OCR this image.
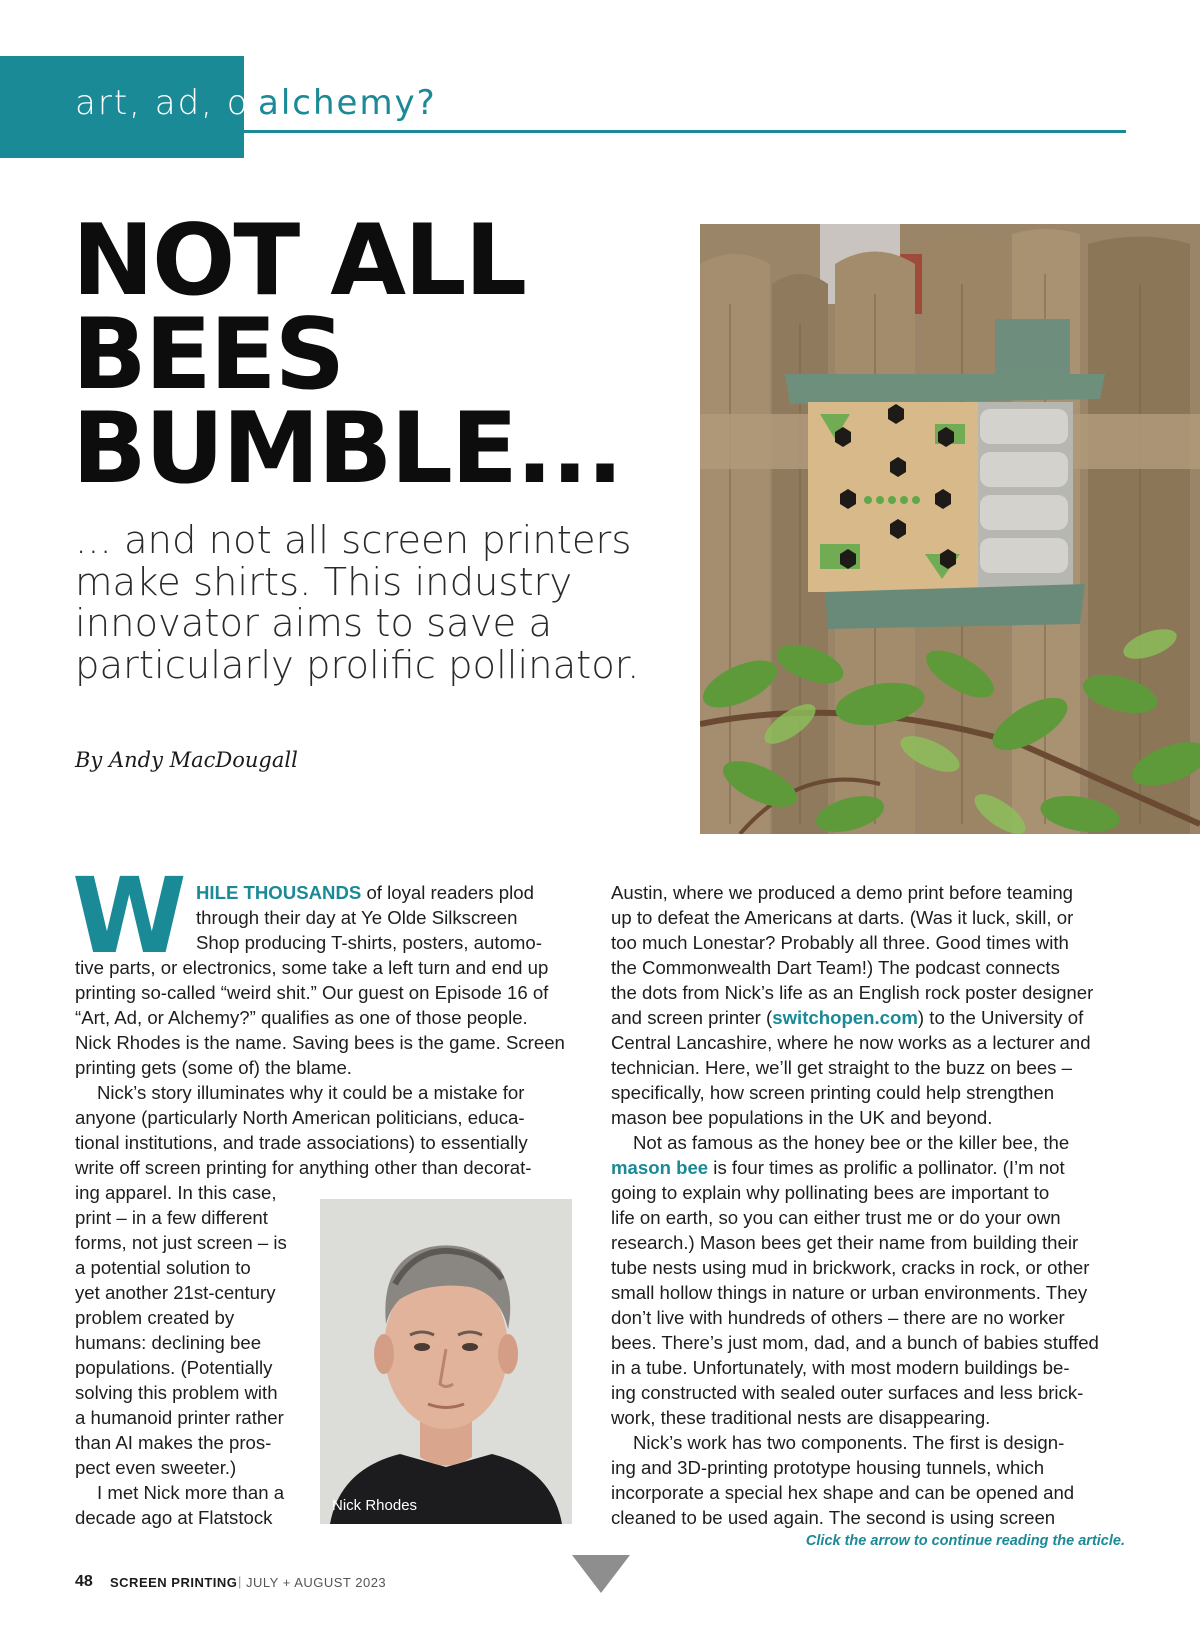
art, ad, or
alchemy?
NOT ALL
BEES
BUMBLE...
... and not all screen printers
make shirts. This industry
innovator aims to save a
particularly prolific pollinator.
By Andy MacDougall
W HILE THOUSANDS of loyal readers plod
through their day at Ye Olde Silkscreen
Shop producing T-shirts, posters, automo-
tive parts, or electronics, some take a left turn and end up
printing so-called “weird shit.” Our guest on Episode 16 of
“Art, Ad, or Alchemy?” qualifies as one of those people.
Nick Rhodes is the name. Saving bees is the game. Screen
printing gets (some of) the blame.
Nick’s story illuminates why it could be a mistake for
anyone (particularly North American politicians, educa-
tional institutions, and trade associations) to essentially
write off screen printing for anything other than decorat-
ing apparel. In this case,
print – in a few different
forms, not just screen – is
a potential solution to
yet another 21st-century
problem created by
humans: declining bee
populations. (Potentially
solving this problem with
a humanoid printer rather
than AI makes the pros-
pect even sweeter.)
I met Nick more than a
decade ago at Flatstock
Nick Rhodes
Austin, where we produced a demo print before teaming
up to defeat the Americans at darts. (Was it luck, skill, or
too much Lonestar? Probably all three. Good times with
the Commonwealth Dart Team!) The podcast connects
the dots from Nick’s life as an English rock poster designer
and screen printer (switchopen.com) to the University of
Central Lancashire, where he now works as a lecturer and
technician. Here, we’ll get straight to the buzz on bees –
specifically, how screen printing could help strengthen
mason bee populations in the UK and beyond.
Not as famous as the honey bee or the killer bee, the
mason bee is four times as prolific a pollinator. (I’m not
going to explain why pollinating bees are important to
life on earth, so you can either trust me or do your own
research.) Mason bees get their name from building their
tube nests using mud in brickwork, cracks in rock, or other
small hollow things in nature or urban environments. They
don’t live with hundreds of others – there are no worker
bees. There’s just mom, dad, and a bunch of babies stuffed
in a tube. Unfortunately, with most modern buildings be-
ing constructed with sealed outer surfaces and less brick-
work, these traditional nests are disappearing.
Nick’s work has two components. The first is design-
ing and 3D-printing prototype housing tunnels, which
incorporate a special hex shape and can be opened and
cleaned to be used again. The second is using screen
Click the arrow to continue reading the article.
48 SCREEN PRINTING | JULY + AUGUST 2023
